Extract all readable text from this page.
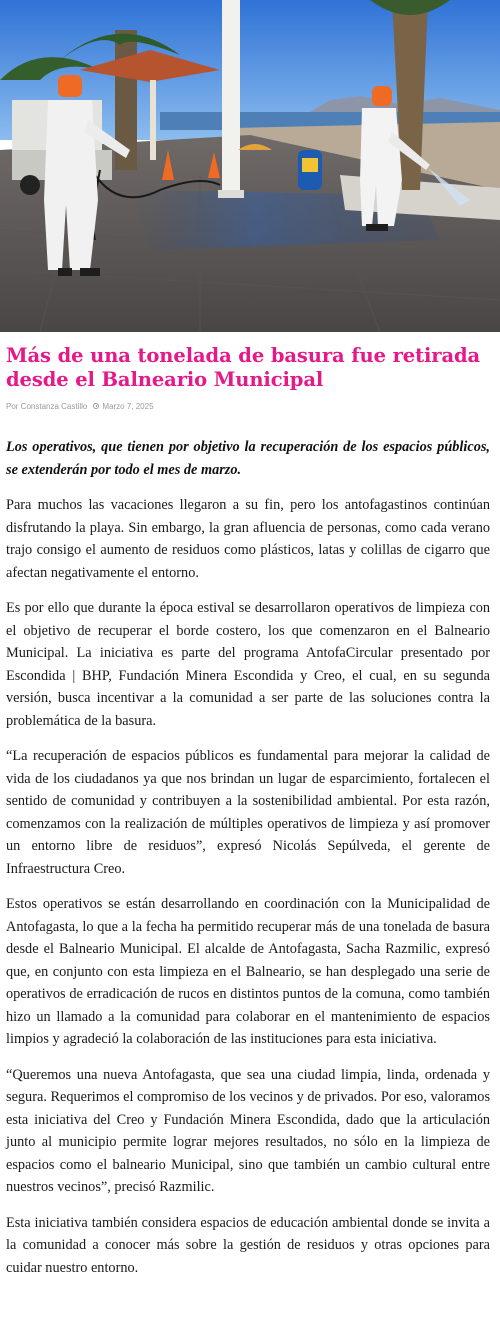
Más de una tonelada de basura fue retirada desde el Balneario Municipal
Por Constanza Castillo Marzo 7, 2025

Los operativos, que tienen por objetivo la recuperación de los espacios públicos, se extenderán por todo el mes de marzo.

Para muchos las vacaciones llegaron a su fin, pero los antofagastinos continúan disfrutando la playa. Sin embargo, la gran afluencia de personas, como cada verano trajo consigo el aumento de residuos como plásticos, latas y colillas de cigarro que afectan negativamente el entorno.

Es por ello que durante la época estival se desarrollaron operativos de limpieza con el objetivo de recuperar el borde costero, los que comenzaron en el Balneario Municipal. La iniciativa es parte del programa AntofaCircular presentado por Escondida | BHP, Fundación Minera Escondida y Creo, el cual, en su segunda versión, busca incentivar a la comunidad a ser parte de las soluciones contra la problemática de la basura.

“La recuperación de espacios públicos es fundamental para mejorar la calidad de vida de los ciudadanos ya que nos brindan un lugar de esparcimiento, fortalecen el sentido de comunidad y contribuyen a la sostenibilidad ambiental. Por esta razón, comenzamos con la realización de múltiples operativos de limpieza y así promover un entorno libre de residuos”, expresó Nicolás Sepúlveda, el gerente de Infraestructura Creo.

Estos operativos se están desarrollando en coordinación con la Municipalidad de Antofagasta, lo que a la fecha ha permitido recuperar más de una tonelada de basura desde el Balneario Municipal. El alcalde de Antofagasta, Sacha Razmilic, expresó que, en conjunto con esta limpieza en el Balneario, se han desplegado una serie de operativos de erradicación de rucos en distintos puntos de la comuna, como también hizo un llamado a la comunidad para colaborar en el mantenimiento de espacios limpios y agradeció la colaboración de las instituciones para esta iniciativa.

“Queremos una nueva Antofagasta, que sea una ciudad limpia, linda, ordenada y segura. Requerimos el compromiso de los vecinos y de privados. Por eso, valoramos esta iniciativa del Creo y Fundación Minera Escondida, dado que la articulación junto al municipio permite lograr mejores resultados, no sólo en la limpieza de espacios como el balneario Municipal, sino que también un cambio cultural entre nuestros vecinos”, precisó Razmilic.

Esta iniciativa también considera espacios de educación ambiental donde se invita a la comunidad a conocer más sobre la gestión de residuos y otras opciones para cuidar nuestro entorno.
